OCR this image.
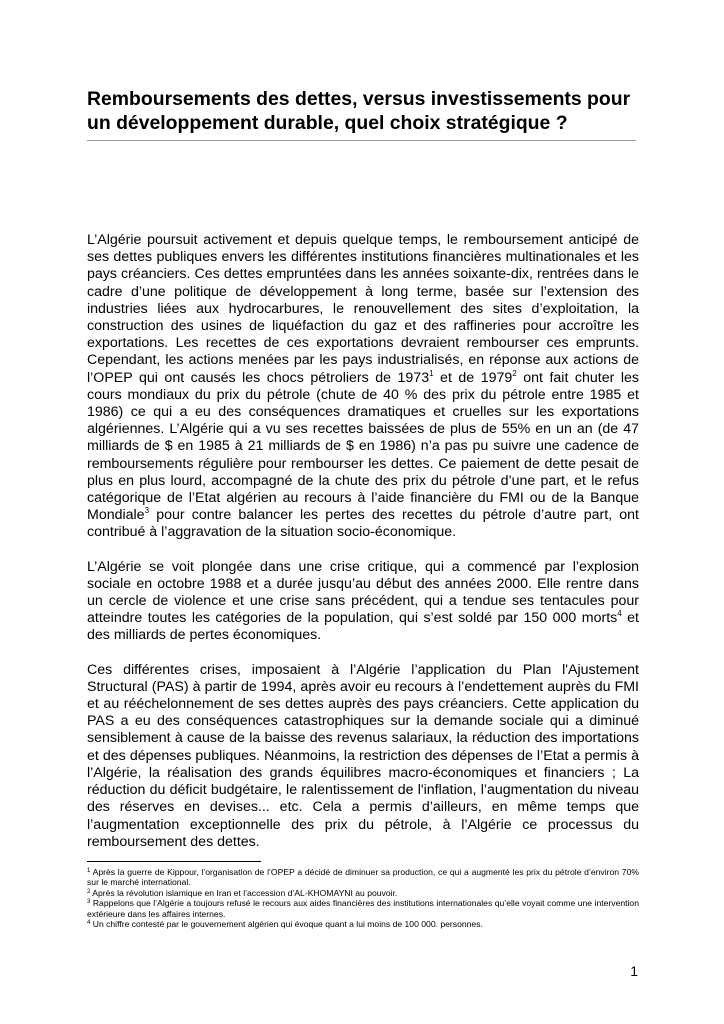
Remboursements des dettes, versus investissements pour un développement durable, quel choix stratégique ?

L’Algérie poursuit activement et depuis quelque temps, le remboursement anticipé de ses dettes publiques envers les différentes institutions financières multinationales et les pays créanciers. Ces dettes empruntées dans les années soixante-dix, rentrées dans le cadre d’une politique de développement à long terme, basée sur l’extension des industries liées aux hydrocarbures, le renouvellement des sites d’exploitation, la construction des usines de liquéfaction du gaz et des raffineries pour accroître les exportations. Les recettes de ces exportations devraient rembourser ces emprunts. Cependant, les actions menées par les pays industrialisés, en réponse aux actions de l’OPEP qui ont causés les chocs pétroliers de 1973$^1$ et de 1979$^2$ ont fait chuter les cours mondiaux du prix du pétrole (chute de 40 % des prix du pétrole entre 1985 et 1986) ce qui a eu des conséquences dramatiques et cruelles sur les exportations algériennes. L’Algérie qui a vu ses recettes baissées de plus de 55% en un an (de 47 milliards de $ en 1985 à 21 milliards de $ en 1986) n’a pas pu suivre une cadence de remboursements régulière pour rembourser les dettes. Ce paiement de dette pesait de plus en plus lourd, accompagné de la chute des prix du pétrole d’une part, et le refus catégorique de l’Etat algérien au recours à l’aide financière du FMI ou de la Banque Mondiale$^3$ pour contre balancer les pertes des recettes du pétrole d’autre part, ont contribué à l’aggravation de la situation socio-économique.

L’Algérie se voit plongée dans une crise critique, qui a commencé par l’explosion sociale en octobre 1988 et a durée jusqu’au début des années 2000. Elle rentre dans un cercle de violence et une crise sans précédent, qui a tendue ses tentacules pour atteindre toutes les catégories de la population, qui s’est soldé par 150 000 morts$^4$ et des milliards de pertes économiques.

Ces différentes crises, imposaient à l’Algérie l’application du Plan l'Ajustement Structural (PAS) à partir de 1994, après avoir eu recours à l’endettement auprès du FMI et au rééchelonnement de ses dettes auprès des pays créanciers. Cette application du PAS a eu des conséquences catastrophiques sur la demande sociale qui a diminué sensiblement à cause de la baisse des revenus salariaux, la réduction des importations et des dépenses publiques. Néanmoins, la restriction des dépenses de l’Etat a permis à l’Algérie, la réalisation des grands équilibres macro-économiques et financiers ; La réduction du déficit budgétaire, le ralentissement de l'inflation, l’augmentation du niveau des réserves en devises... etc. Cela a permis d’ailleurs, en même temps que l’augmentation exceptionnelle des prix du pétrole, à l’Algérie ce processus du remboursement des dettes.

$^1$ Après la guerre de Kippour, l’organisation de l’OPEP a décidé de diminuer sa production, ce qui a augmenté les prix du pétrole d’environ 70% sur le marché international.

$^2$ Après la révolution islamique en Iran et l’accession d’AL-KHOMAYNI au pouvoir.

$^3$ Rappelons que l’Algérie a toujours refusé le recours aux aides financières des institutions internationales qu’elle voyait comme une intervention extérieure dans les affaires internes.

$^4$ Un chiffre contesté par le gouvernement algérien qui évoque quant a lui moins de 100 000. personnes.

1
